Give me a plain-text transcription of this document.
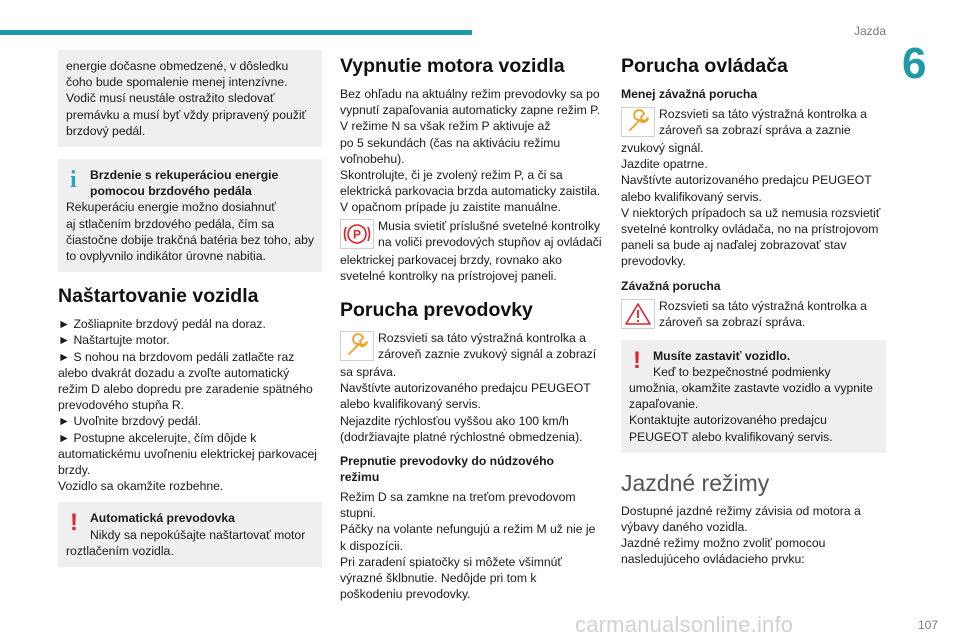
Jazda
6
107
carmanualsonline.info

energie dočasne obmedzené, v dôsledku

čoho bude spomalenie menej intenzívne.

Vodič musí neustále ostražito sledovať

premávku a musí byť vždy pripravený použiť

brzdový pedál.

i Brzdenie s rekuperáciou energie

pomocou brzdového pedála

Rekuperáciu energie možno dosiahnuť

aj stlačením brzdového pedála, čím sa

čiastočne dobije trakčná batéria bez toho, aby

to ovplyvnilo indikátor úrovne nabitia.

Naštartovanie vozidla

► Zošliapnite brzdový pedál na doraz.

► Naštartujte motor.

► S nohou na brzdovom pedáli zatlačte raz

alebo dvakrát dozadu a zvoľte automatický

režim D alebo dopredu pre zaradenie spätného

prevodového stupňa R.

► Uvoľnite brzdový pedál.

► Postupne akcelerujte, čím dôjde k

automatickému uvoľneniu elektrickej parkovacej

brzdy.

Vozidlo sa okamžite rozbehne.

! Automatická prevodovka

Nikdy sa nepokúšajte naštartovať motor

roztlačením vozidla.

Vypnutie motora vozidla

Bez ohľadu na aktuálny režim prevodovky sa po

vypnutí zapaľovania automaticky zapne režim P.

V režime N sa však režim P aktivuje až

po 5 sekundách (čas na aktiváciu režimu

voľnobehu).

Skontrolujte, či je zvolený režim P, a či sa

elektrická parkovacia brzda automaticky zaistila.

V opačnom prípade ju zaistite manuálne.

P

Musia svietiť príslušné svetelné kontrolky

na voliči prevodových stupňov aj ovládači

elektrickej parkovacej brzdy, rovnako ako

svetelné kontrolky na prístrojovej paneli.

Porucha prevodovky

Rozsvieti sa táto výstražná kontrolka a

zároveň zaznie zvukový signál a zobrazí

sa správa.

Navštívte autorizovaného predajcu PEUGEOT

alebo kvalifikovaný servis.

Nejazdite rýchlosťou vyššou ako 100 km/h

(dodržiavajte platné rýchlostné obmedzenia).

Prepnutie prevodovky do núdzového
režimu

Režim D sa zamkne na treťom prevodovom

stupni.

Páčky na volante nefungujú a režim M už nie je

k dispozícii.

Pri zaradení spiatočky si môžete všimnúť

výrazné šklbnutie. Nedôjde pri tom k

poškodeniu prevodovky.

Porucha ovládača
Menej závažná porucha

Rozsvieti sa táto výstražná kontrolka a

zároveň sa zobrazí správa a zaznie

zvukový signál.

Jazdite opatrne.

Navštívte autorizovaného predajcu PEUGEOT

alebo kvalifikovaný servis.

V niektorých prípadoch sa už nemusia rozsvietiť

svetelné kontrolky ovládača, no na prístrojovom

paneli sa bude aj naďalej zobrazovať stav

prevodovky.

Závažná porucha

Rozsvieti sa táto výstražná kontrolka a

zároveň sa zobrazí správa.

! Musíte zastaviť vozidlo.

Keď to bezpečnostné podmienky

umožnia, okamžite zastavte vozidlo a vypnite

zapaľovanie.

Kontaktujte autorizovaného predajcu

PEUGEOT alebo kvalifikovaný servis.

Jazdné režimy

Dostupné jazdné režimy závisia od motora a

výbavy daného vozidla.

Jazdné režimy možno zvoliť pomocou

nasledujúceho ovládacieho prvku:
